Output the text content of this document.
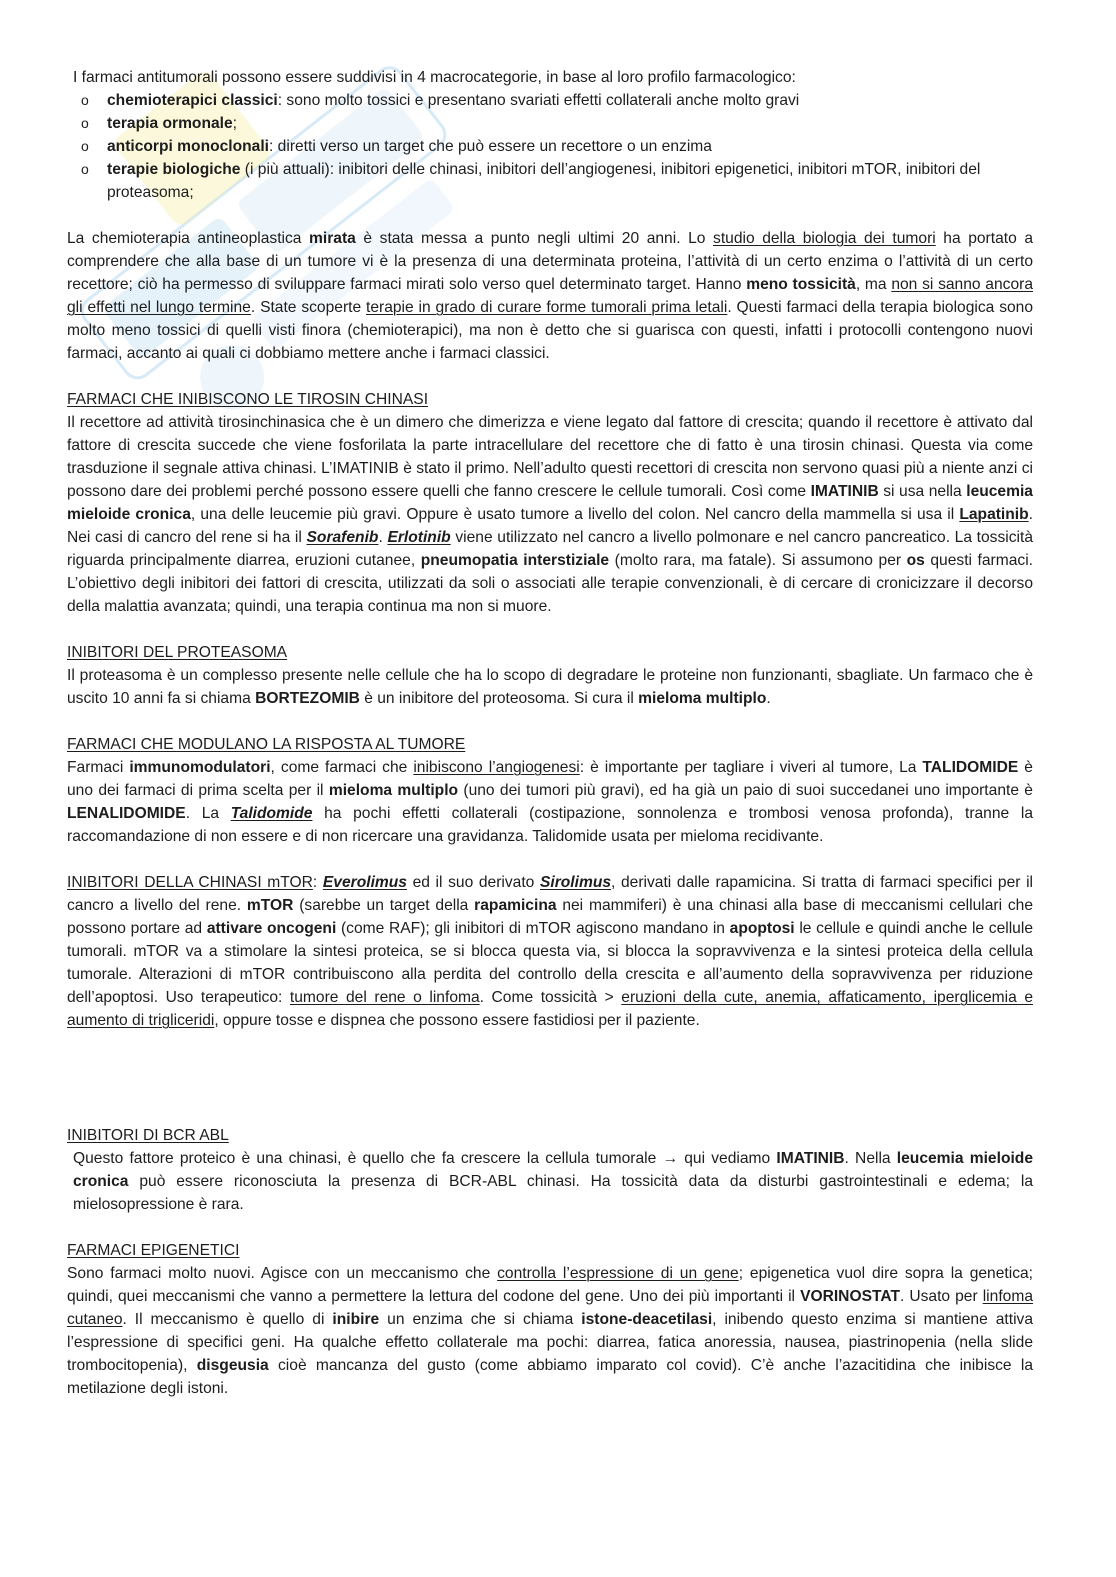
I farmaci antitumorali possono essere suddivisi in 4 macrocategorie, in base al loro profilo farmacologico:

o chemioterapici classici: sono molto tossici e presentano svariati effetti collaterali anche molto gravi
o terapia ormonale;
o anticorpi monoclonali: diretti verso un target che può essere un recettore o un enzima
o terapie biologiche (i più attuali): inibitori delle chinasi, inibitori dell’angiogenesi, inibitori epigenetici, inibitori mTOR, inibitori del proteasoma;

La chemioterapia antineoplastica mirata è stata messa a punto negli ultimi 20 anni. Lo studio della biologia dei tumori ha portato a comprendere che alla base di un tumore vi è la presenza di una determinata proteina, l’attività di un certo enzima o l’attività di un certo recettore; ciò ha permesso di sviluppare farmaci mirati solo verso quel determinato target. Hanno meno tossicità, ma non si sanno ancora gli effetti nel lungo termine. State scoperte terapie in grado di curare forme tumorali prima letali. Questi farmaci della terapia biologica sono molto meno tossici di quelli visti finora (chemioterapici), ma non è detto che si guarisca con questi, infatti i protocolli contengono nuovi farmaci, accanto ai quali ci dobbiamo mettere anche i farmaci classici.

FARMACI CHE INIBISCONO LE TIROSIN CHINASI

Il recettore ad attività tirosinchinasica che è un dimero che dimerizza e viene legato dal fattore di crescita; quando il recettore è attivato dal fattore di crescita succede che viene fosforilata la parte intracellulare del recettore che di fatto è una tirosin chinasi. Questa via come trasduzione il segnale attiva chinasi. L’IMATINIB è stato il primo. Nell’adulto questi recettori di crescita non servono quasi più a niente anzi ci possono dare dei problemi perché possono essere quelli che fanno crescere le cellule tumorali. Così come IMATINIB si usa nella leucemia mieloide cronica, una delle leucemie più gravi. Oppure è usato tumore a livello del colon. Nel cancro della mammella si usa il Lapatinib. Nei casi di cancro del rene si ha il Sorafenib. Erlotinib viene utilizzato nel cancro a livello polmonare e nel cancro pancreatico. La tossicità riguarda principalmente diarrea, eruzioni cutanee, pneumopatia interstiziale (molto rara, ma fatale). Si assumono per os questi farmaci. L’obiettivo degli inibitori dei fattori di crescita, utilizzati da soli o associati alle terapie convenzionali, è di cercare di cronicizzare il decorso della malattia avanzata; quindi, una terapia continua ma non si muore.

INIBITORI DEL PROTEASOMA

Il proteasoma è un complesso presente nelle cellule che ha lo scopo di degradare le proteine non funzionanti, sbagliate. Un farmaco che è uscito 10 anni fa si chiama BORTEZOMIB è un inibitore del proteosoma. Si cura il mieloma multiplo.

FARMACI CHE MODULANO LA RISPOSTA AL TUMORE

Farmaci immunomodulatori, come farmaci che inibiscono l’angiogenesi: è importante per tagliare i viveri al tumore, La TALIDOMIDE è uno dei farmaci di prima scelta per il mieloma multiplo (uno dei tumori più gravi), ed ha già un paio di suoi succedanei uno importante è LENALIDOMIDE. La Talidomide ha pochi effetti collaterali (costipazione, sonnolenza e trombosi venosa profonda), tranne la raccomandazione di non essere e di non ricercare una gravidanza. Talidomide usata per mieloma recidivante.

INIBITORI DELLA CHINASI mTOR: Everolimus ed il suo derivato Sirolimus, derivati dalle rapamicina. Si tratta di farmaci specifici per il cancro a livello del rene. mTOR (sarebbe un target della rapamicina nei mammiferi) è una chinasi alla base di meccanismi cellulari che possono portare ad attivare oncogeni (come RAF); gli inibitori di mTOR agiscono mandano in apoptosi le cellule e quindi anche le cellule tumorali. mTOR va a stimolare la sintesi proteica, se si blocca questa via, si blocca la sopravvivenza e la sintesi proteica della cellula tumorale. Alterazioni di mTOR contribuiscono alla perdita del controllo della crescita e all’aumento della sopravvivenza per riduzione dell’apoptosi. Uso terapeutico: tumore del rene o linfoma. Come tossicità > eruzioni della cute, anemia, affaticamento, iperglicemia e aumento di trigliceridi, oppure tosse e dispnea che possono essere fastidiosi per il paziente.

INIBITORI DI BCR ABL

Questo fattore proteico è una chinasi, è quello che fa crescere la cellula tumorale → qui vediamo IMATINIB. Nella leucemia mieloide cronica può essere riconosciuta la presenza di BCR-ABL chinasi. Ha tossicità data da disturbi gastrointestinali e edema; la mielosopressione è rara.

FARMACI EPIGENETICI

Sono farmaci molto nuovi. Agisce con un meccanismo che controlla l’espressione di un gene; epigenetica vuol dire sopra la genetica; quindi, quei meccanismi che vanno a permettere la lettura del codone del gene. Uno dei più importanti il VORINOSTAT. Usato per linfoma cutaneo. Il meccanismo è quello di inibire un enzima che si chiama istone-deacetilasi, inibendo questo enzima si mantiene attiva l’espressione di specifici geni. Ha qualche effetto collaterale ma pochi: diarrea, fatica anoressia, nausea, piastrinopenia (nella slide trombocitopenia), disgeusia cioè mancanza del gusto (come abbiamo imparato col covid). C’è anche l’azacitidina che inibisce la metilazione degli istoni.
